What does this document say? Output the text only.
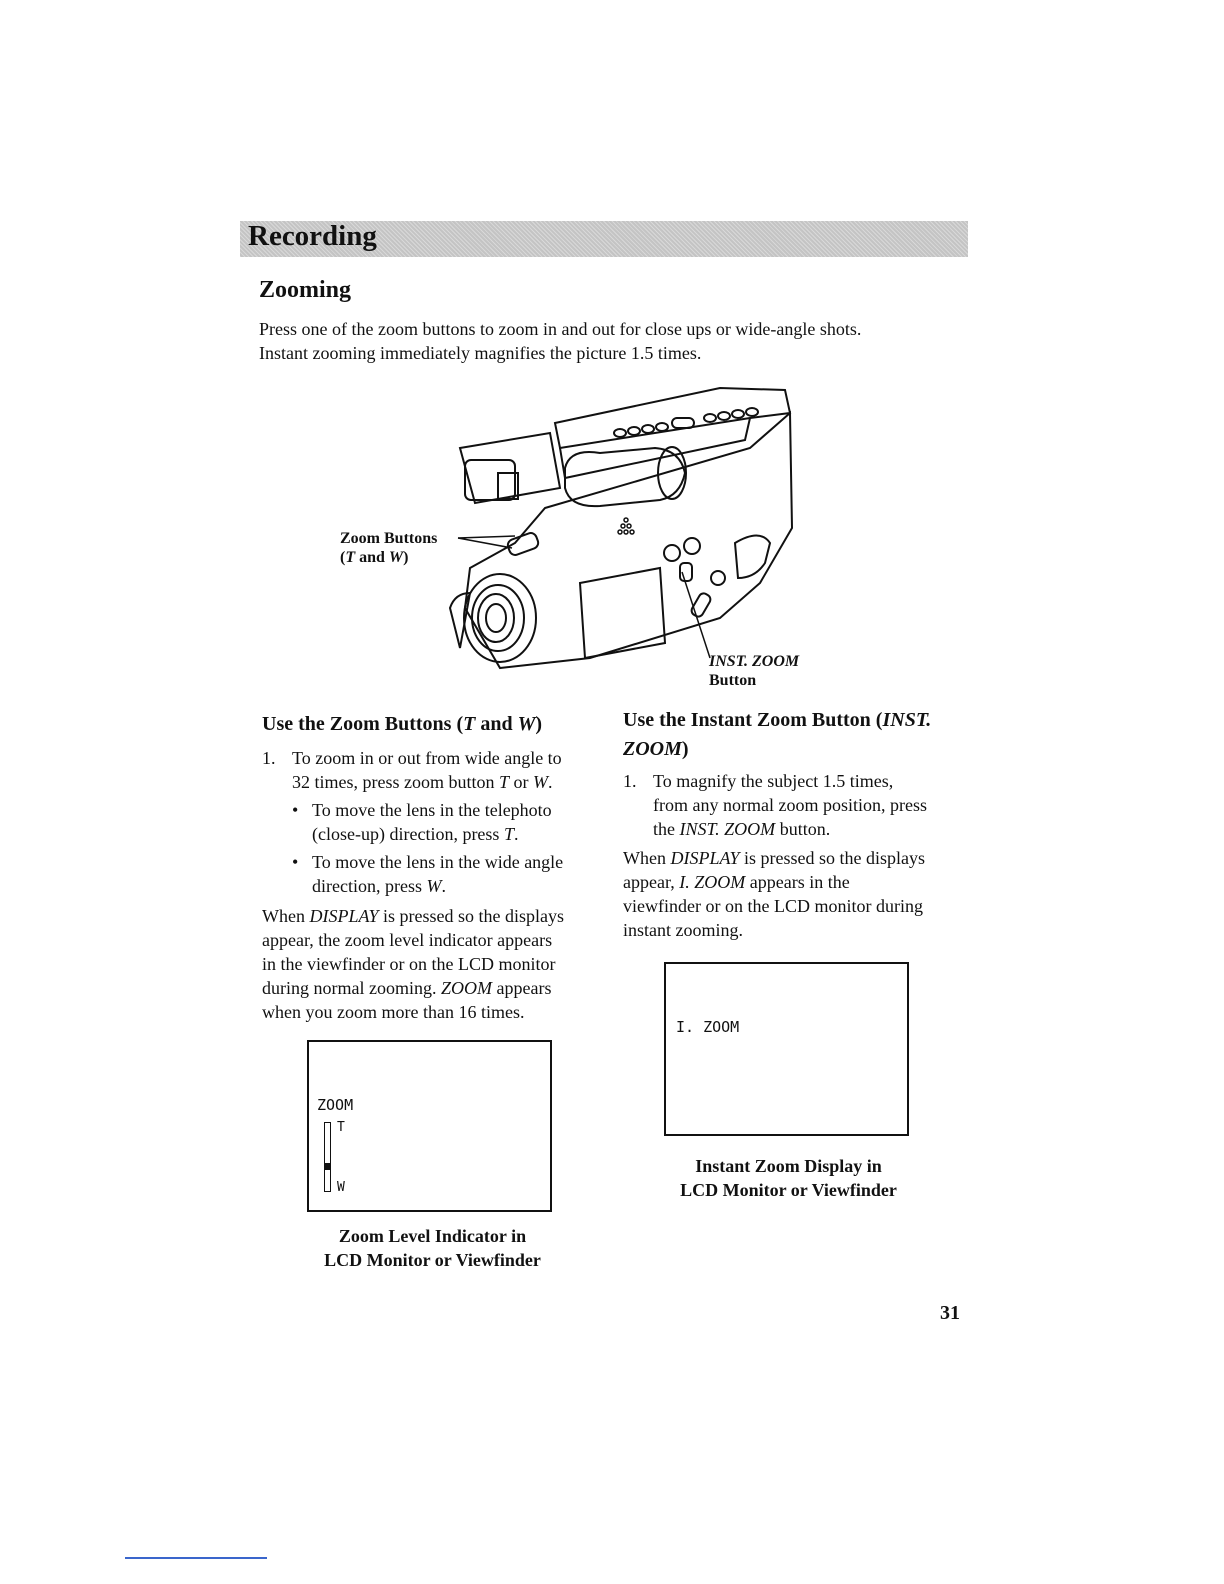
Recording
Zooming

Press one of the zoom buttons to zoom in and out for close ups or wide-angle shots. Instant zooming immediately magnifies the picture 1.5 times.

Zoom Buttons
(T and W)
INST. ZOOM
Button
Use the Zoom Buttons (T and W)
1. To zoom in or out from wide angle to
32 times, press zoom button T or W.
• To move the lens in the telephoto
(close-up) direction, press T.
• To move the lens in the wide angle
direction, press W.
When DISPLAY is pressed so the displays
appear, the zoom level indicator appears
in the viewfinder or on the LCD monitor
during normal zooming. ZOOM appears
when you zoom more than 16 times.
ZOOM
T
W
Zoom Level Indicator in
LCD Monitor or Viewfinder
Use the Instant Zoom Button (INST.
ZOOM)
1. To magnify the subject 1.5 times,
from any normal zoom position, press
the INST. ZOOM button.
When DISPLAY is pressed so the displays
appear, I. ZOOM appears in the
viewfinder or on the LCD monitor during
instant zooming.
I. ZOOM
Instant Zoom Display in
LCD Monitor or Viewfinder
31
